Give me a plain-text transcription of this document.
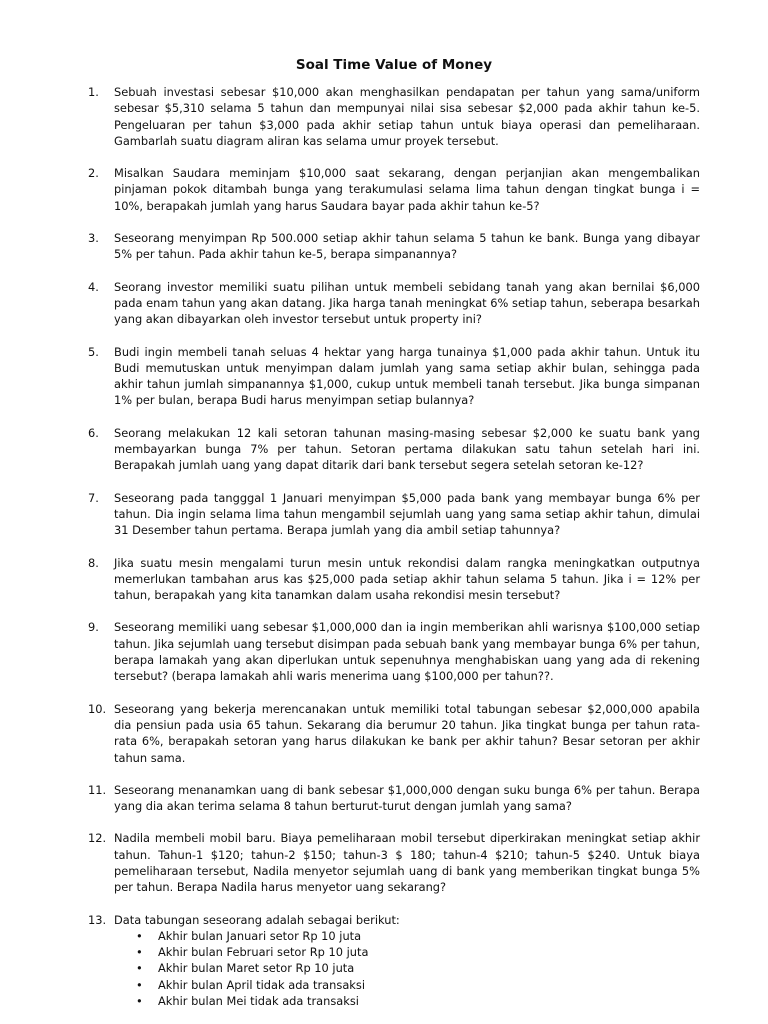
Soal Time Value of Money
1.	Sebuah investasi sebesar $10,000 akan menghasilkan pendapatan per tahun yang sama/uniform sebesar $5,310 selama 5 tahun dan mempunyai nilai sisa sebesar $2,000 pada akhir tahun ke-5. Pengeluaran per tahun $3,000 pada akhir setiap tahun untuk biaya operasi dan pemeliharaan. Gambarlah suatu diagram aliran kas selama umur proyek tersebut.
2.	Misalkan Saudara meminjam $10,000 saat sekarang, dengan perjanjian akan mengembalikan pinjaman pokok ditambah bunga yang terakumulasi selama lima tahun dengan tingkat bunga i = 10%, berapakah jumlah yang harus Saudara bayar pada akhir tahun ke-5?
3.	Seseorang menyimpan Rp 500.000 setiap akhir tahun selama 5 tahun ke bank. Bunga yang dibayar 5% per tahun. Pada akhir tahun ke-5, berapa simpanannya?
4.	Seorang investor memiliki suatu pilihan untuk membeli sebidang tanah yang akan bernilai $6,000 pada enam tahun yang akan datang. Jika harga tanah meningkat 6% setiap tahun, seberapa besarkah yang akan dibayarkan oleh investor tersebut untuk property ini?
5.	Budi ingin membeli tanah seluas 4 hektar yang harga tunainya $1,000 pada akhir tahun. Untuk itu Budi memutuskan untuk menyimpan dalam jumlah yang sama setiap akhir bulan, sehingga pada akhir tahun jumlah simpanannya $1,000, cukup untuk membeli tanah tersebut. Jika bunga simpanan 1% per bulan, berapa Budi harus menyimpan setiap bulannya?
6.	Seorang melakukan 12 kali setoran tahunan masing-masing sebesar $2,000 ke suatu bank yang membayarkan bunga 7% per tahun. Setoran pertama dilakukan satu tahun setelah hari ini. Berapakah jumlah uang yang dapat ditarik dari bank tersebut segera setelah setoran ke-12?
7.	Seseorang pada tangggal 1 Januari menyimpan $5,000 pada bank yang membayar bunga 6% per tahun. Dia ingin selama lima tahun mengambil sejumlah uang yang sama setiap akhir tahun, dimulai 31 Desember tahun pertama. Berapa jumlah yang dia ambil setiap tahunnya?
8.	Jika suatu mesin mengalami turun mesin untuk rekondisi dalam rangka meningkatkan outputnya memerlukan tambahan arus kas $25,000 pada setiap akhir tahun selama 5 tahun. Jika i = 12% per tahun, berapakah yang kita tanamkan dalam usaha rekondisi mesin tersebut?
9.	Seseorang memiliki uang sebesar $1,000,000 dan ia ingin memberikan ahli warisnya $100,000 setiap tahun. Jika sejumlah uang tersebut disimpan pada sebuah bank yang membayar bunga 6% per tahun, berapa lamakah yang akan diperlukan untuk sepenuhnya menghabiskan uang yang ada di rekening tersebut? (berapa lamakah ahli waris menerima uang $100,000 per tahun??.
10. Seseorang yang bekerja merencanakan untuk memiliki total tabungan sebesar $2,000,000 apabila dia pensiun pada usia 65 tahun. Sekarang dia berumur 20 tahun. Jika tingkat bunga per tahun rata-rata 6%, berapakah setoran yang harus dilakukan ke bank per akhir tahun? Besar setoran per akhir tahun sama.
11. Seseorang menanamkan uang di bank sebesar $1,000,000 dengan suku bunga 6% per tahun. Berapa yang dia akan terima selama 8 tahun berturut-turut dengan jumlah yang sama?
12. Nadila membeli mobil baru. Biaya pemeliharaan mobil tersebut diperkirakan meningkat setiap akhir tahun. Tahun-1 $120; tahun-2 $150; tahun-3 $ 180; tahun-4 $210; tahun-5 $240. Untuk biaya pemeliharaan tersebut, Nadila menyetor sejumlah uang di bank yang memberikan tingkat bunga 5% per tahun. Berapa Nadila harus menyetor uang sekarang?
13. Data tabungan seseorang adalah sebagai berikut:
• Akhir bulan Januari setor Rp 10 juta
• Akhir bulan Februari setor Rp 10 juta
• Akhir bulan Maret setor Rp 10 juta
• Akhir bulan April tidak ada transaksi
• Akhir bulan Mei tidak ada transaksi
